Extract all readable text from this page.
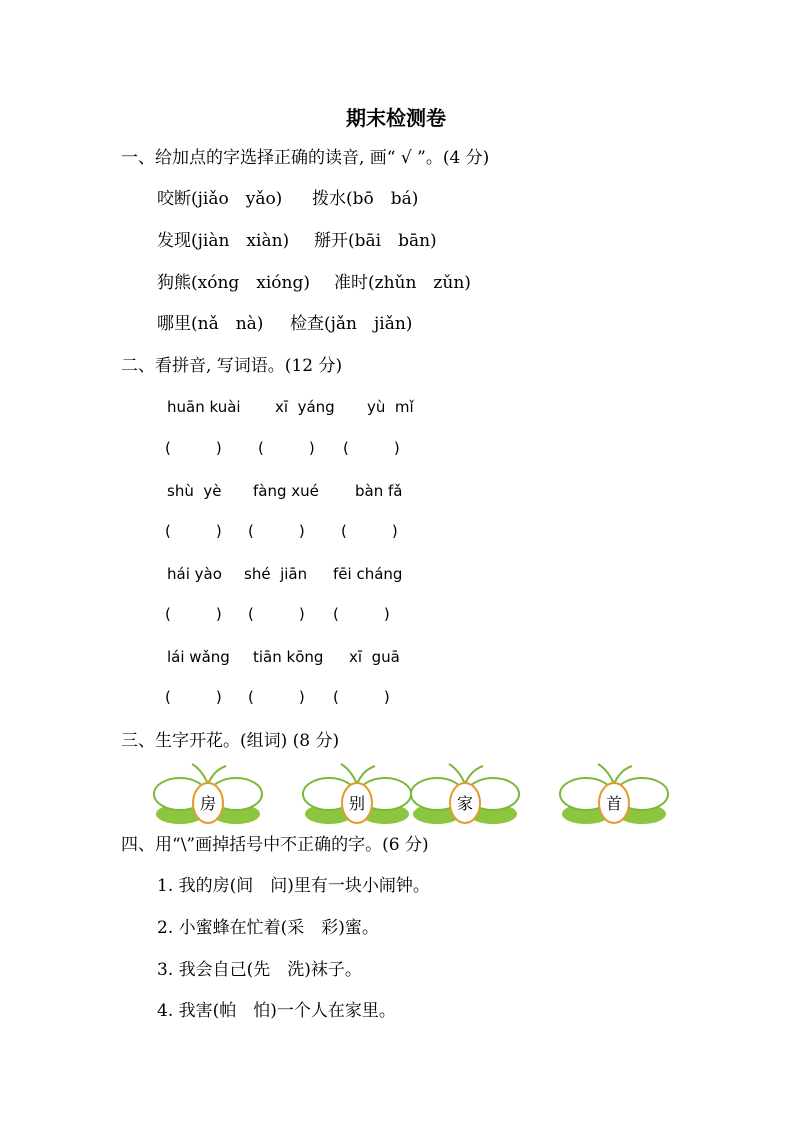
期末检测卷
一、给加点的字选择正确的读音, 画“ √ ”。(4 分)
咬断(jiǎo　yǎo) 拨水(bō　bá)
发现(jiàn　xiàn) 掰开(bāi　bān)
狗熊(xóng　xióng) 准时(zhǔn　zǔn)
哪里(nǎ　nà) 检查(jǎn　jiǎn)
二、看拼音, 写词语。(12 分)
huān kuài xī  yáng yù  mǐ
(　　　) (　　　) (　　　)
shù  yè fàng xué bàn fǎ
(　　　) (　　　) (　　　)
hái yào shé  jiān fēi cháng
(　　　) (　　　) (　　　)
lái wǎng tiān kōng xī  guā
(　　　) (　　　) (　　　)
三、生字开花。(组词) (8 分)
房	别	家	首
四、用“\”画掉括号中不正确的字。(6 分)
1. 我的房(间　问)里有一块小闹钟。
2. 小蜜蜂在忙着(采　彩)蜜。
3. 我会自己(先　洗)袜子。
4. 我害(帕　怕)一个人在家里。
